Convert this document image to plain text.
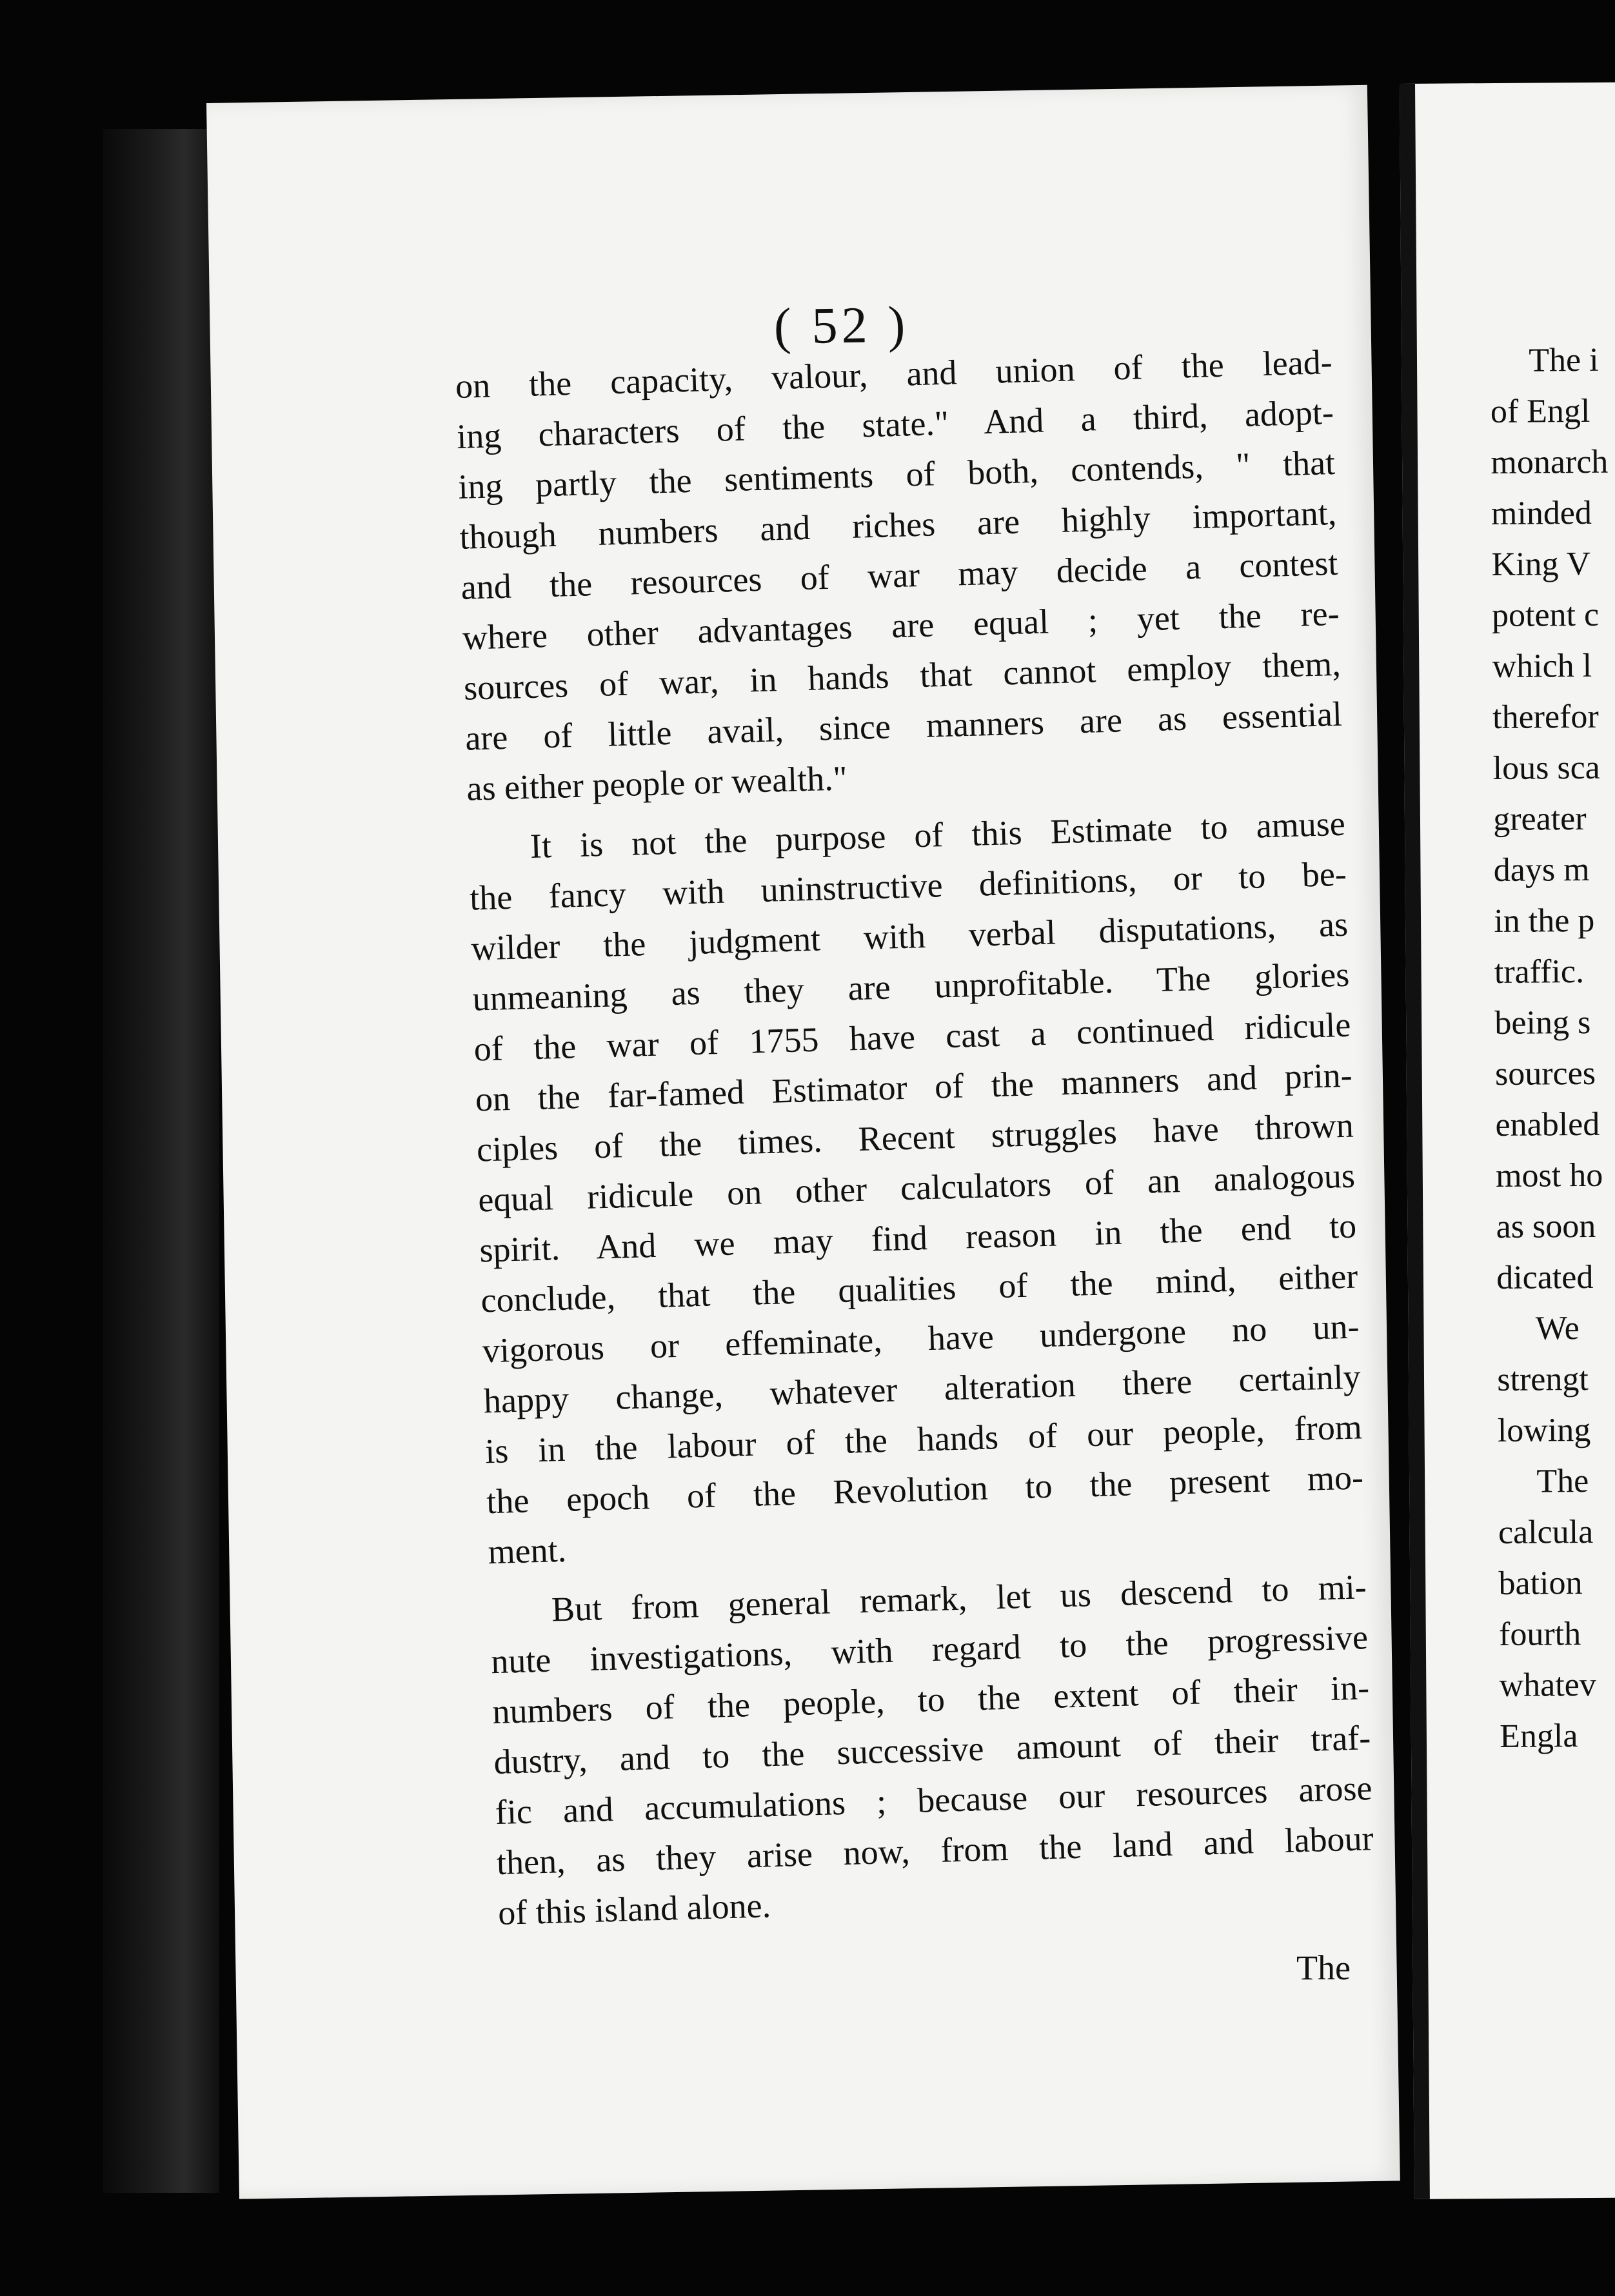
( 52 )
on the capacity, valour, and union of the lead-
ing characters of the state." And a third, adopt-
ing partly the sentiments of both, contends, " that
though numbers and riches are highly important,
and the resources of war may decide a contest
where other advantages are equal ; yet the re-
sources of war, in hands that cannot employ them,
are of little avail, since manners are as essential
as either people or wealth."
It is not the purpose of this Estimate to amuse
the fancy with uninstructive definitions, or to be-
wilder the judgment with verbal disputations, as
unmeaning as they are unprofitable. The glories
of the war of 1755 have cast a continued ridicule
on the far-famed Estimator of the manners and prin-
ciples of the times. Recent struggles have thrown
equal ridicule on other calculators of an analogous
spirit. And we may find reason in the end to
conclude, that the qualities of the mind, either
vigorous or effeminate, have undergone no un-
happy change, whatever alteration there certainly
is in the labour of the hands of our people, from
the epoch of the Revolution to the present mo-
ment.
But from general remark, let us descend to mi-
nute investigations, with regard to the progressive
numbers of the people, to the extent of their in-
dustry, and to the successive amount of their traf-
fic and accumulations ; because our resources arose
then, as they arise now, from the land and labour
of this island alone.
The
The i
of Engl
monarch
minded
King V
potent c
which l
therefor
lous sca
greater
days m
in the p
traffic.
being s
sources
enabled
most ho
as soon
dicated
We
strengt
lowing
The
calcula
bation
fourth
whatev
Engla
